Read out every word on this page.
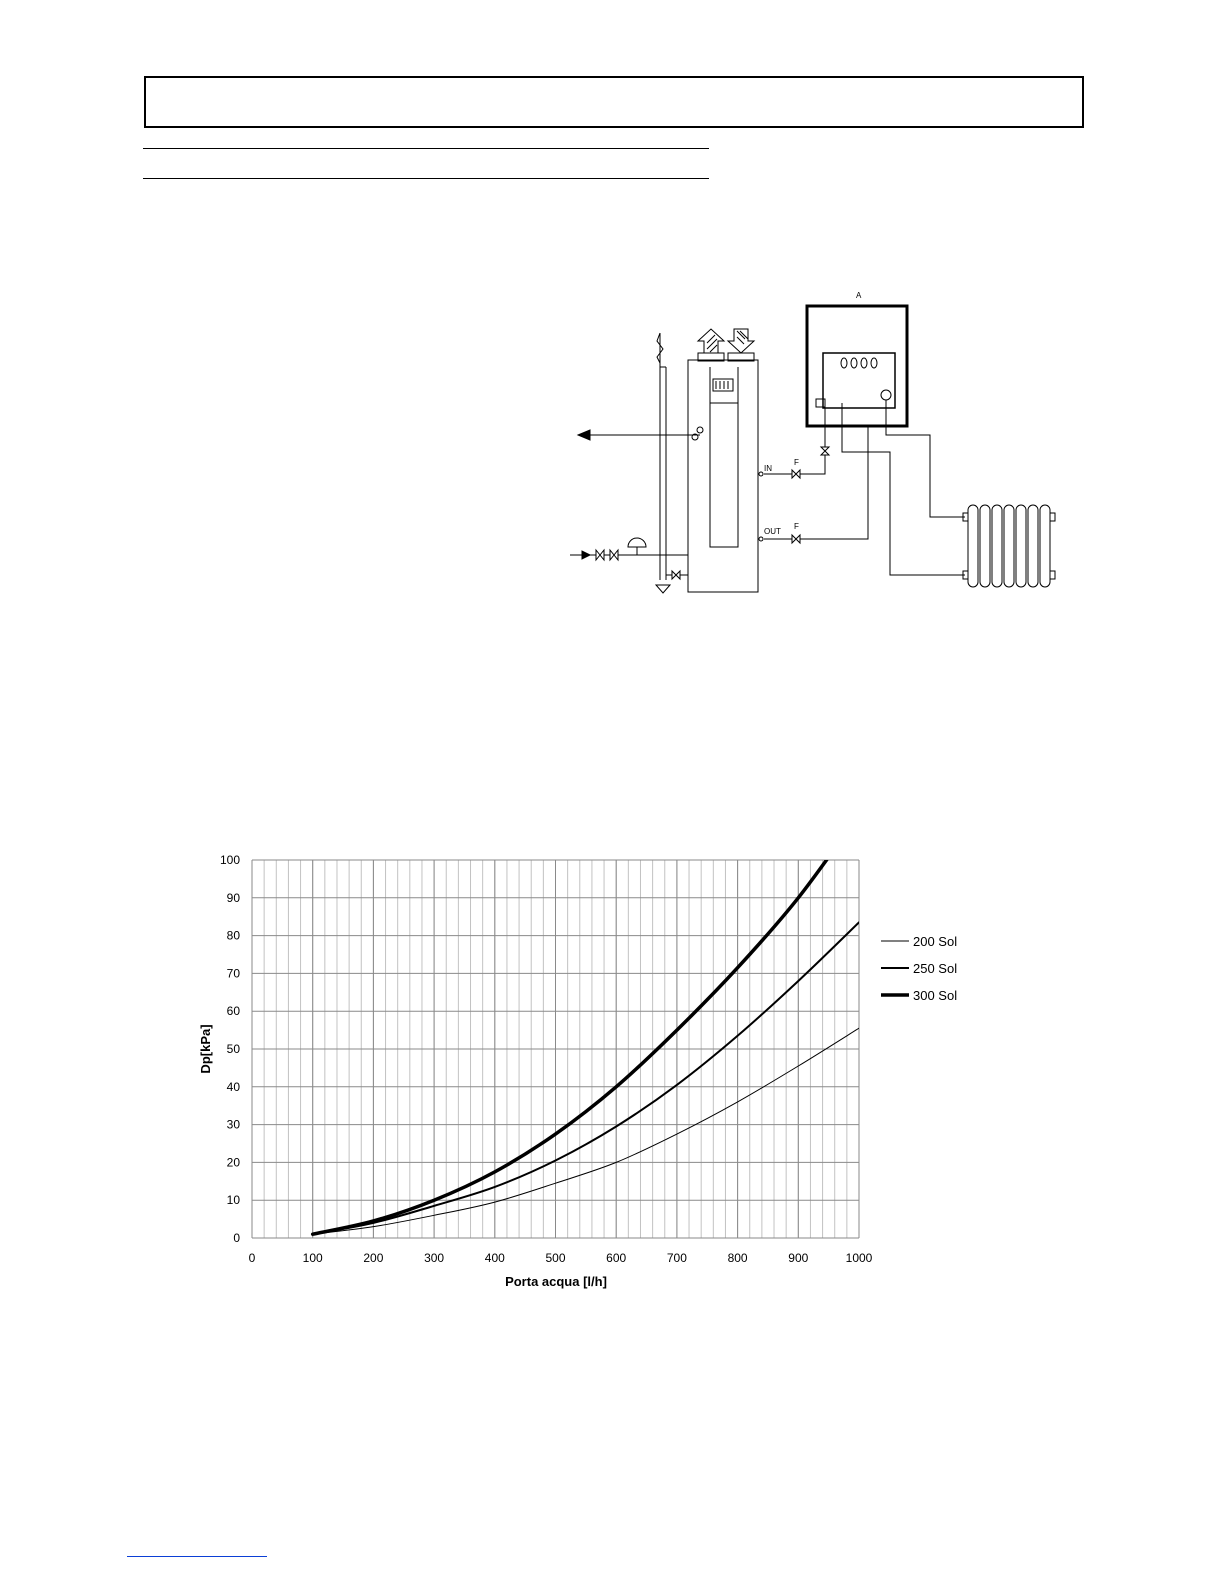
A
IN
OUT
F
F
0
10
20
30
40
50
60
70
80
90
100
0	100	200	300	400	500	600	700	800	900	1000
200 Sol
250 Sol
300 Sol
Porta acqua [l/h]
Dp[kPa]
